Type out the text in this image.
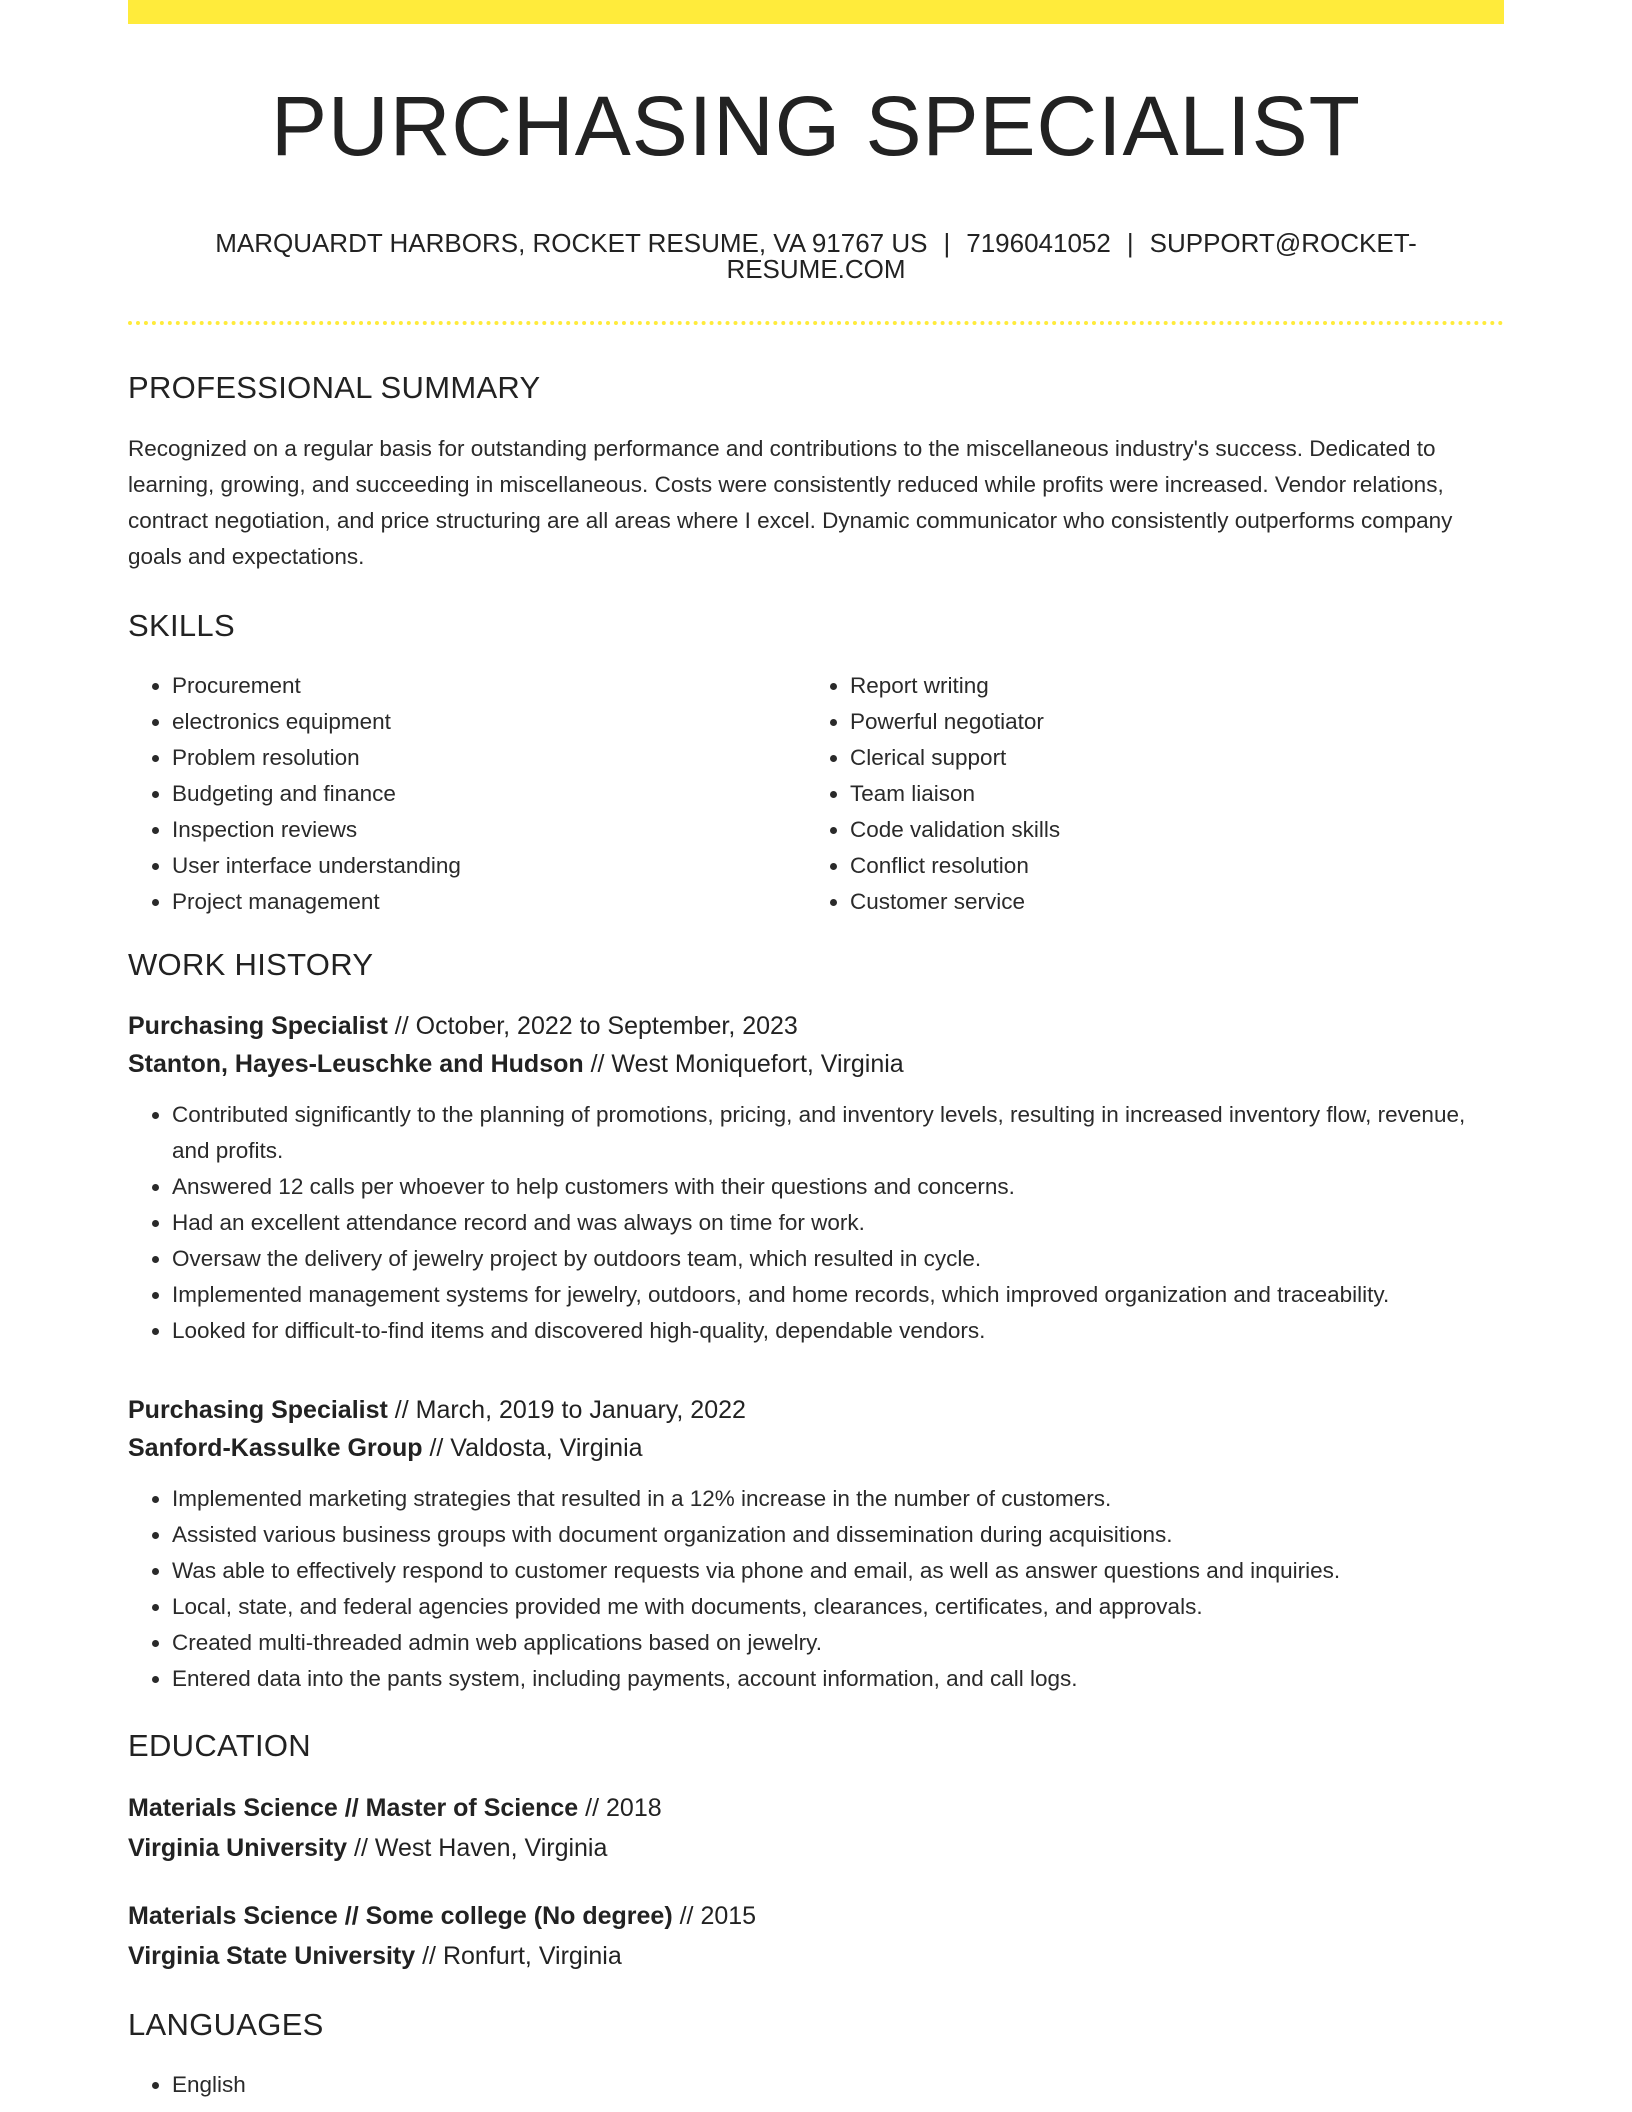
PURCHASING SPECIALIST
MARQUARDT HARBORS, ROCKET RESUME, VA 91767 US | 7196041052 | SUPPORT@ROCKET-RESUME.COM
PROFESSIONAL SUMMARY
Recognized on a regular basis for outstanding performance and contributions to the miscellaneous industry's success. Dedicated to learning, growing, and succeeding in miscellaneous. Costs were consistently reduced while profits were increased. Vendor relations, contract negotiation, and price structuring are all areas where I excel. Dynamic communicator who consistently outperforms company goals and expectations.
SKILLS
• Procurement
• electronics equipment
• Problem resolution
• Budgeting and finance
• Inspection reviews
• User interface understanding
• Project management
• Report writing
• Powerful negotiator
• Clerical support
• Team liaison
• Code validation skills
• Conflict resolution
• Customer service
WORK HISTORY
Purchasing Specialist // October, 2022 to September, 2023
Stanton, Hayes-Leuschke and Hudson // West Moniquefort, Virginia
• Contributed significantly to the planning of promotions, pricing, and inventory levels, resulting in increased inventory flow, revenue, and profits.
• Answered 12 calls per whoever to help customers with their questions and concerns.
• Had an excellent attendance record and was always on time for work.
• Oversaw the delivery of jewelry project by outdoors team, which resulted in cycle.
• Implemented management systems for jewelry, outdoors, and home records, which improved organization and traceability.
• Looked for difficult-to-find items and discovered high-quality, dependable vendors.
Purchasing Specialist // March, 2019 to January, 2022
Sanford-Kassulke Group // Valdosta, Virginia
• Implemented marketing strategies that resulted in a 12% increase in the number of customers.
• Assisted various business groups with document organization and dissemination during acquisitions.
• Was able to effectively respond to customer requests via phone and email, as well as answer questions and inquiries.
• Local, state, and federal agencies provided me with documents, clearances, certificates, and approvals.
• Created multi-threaded admin web applications based on jewelry.
• Entered data into the pants system, including payments, account information, and call logs.
EDUCATION
Materials Science // Master of Science // 2018
Virginia University // West Haven, Virginia
Materials Science // Some college (No degree) // 2015
Virginia State University // Ronfurt, Virginia
LANGUAGES
• English
